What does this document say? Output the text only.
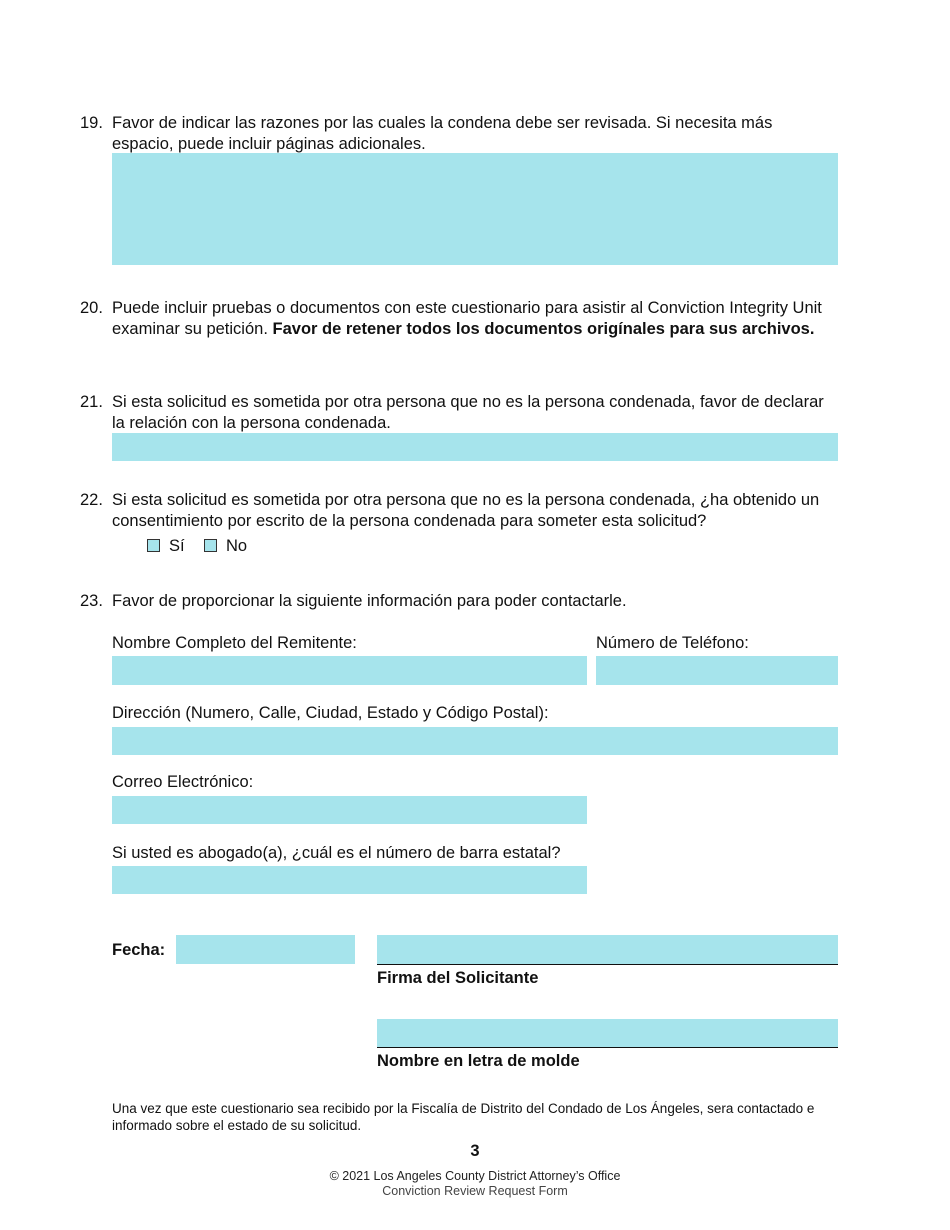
19. Favor de indicar las razones por las cuales la condena debe ser revisada. Si necesita más espacio, puede incluir páginas adicionales.
20. Puede incluir pruebas o documentos con este cuestionario para asistir al Conviction Integrity Unit examinar su petición. Favor de retener todos los documentos origínales para sus archivos.
21. Si esta solicitud es sometida por otra persona que no es la persona condenada, favor de declarar la relación con la persona condenada.
22. Si esta solicitud es sometida por otra persona que no es la persona condenada, ¿ha obtenido un consentimiento por escrito de la persona condenada para someter esta solicitud?
Sí	No
23. Favor de proporcionar la siguiente información para poder contactarle.
Nombre Completo del Remitente:	Número de Teléfono:
Dirección (Numero, Calle, Ciudad, Estado y Código Postal):
Correo Electrónico:
Si usted es abogado(a), ¿cuál es el número de barra estatal?
Fecha:
Firma del Solicitante
Nombre en letra de molde
Una vez que este cuestionario sea recibido por la Fiscalía de Distrito del Condado de Los Ángeles, sera contactado e informado sobre el estado de su solicitud.
3
© 2021 Los Angeles County District Attorney’s Office
Conviction Review Request Form
